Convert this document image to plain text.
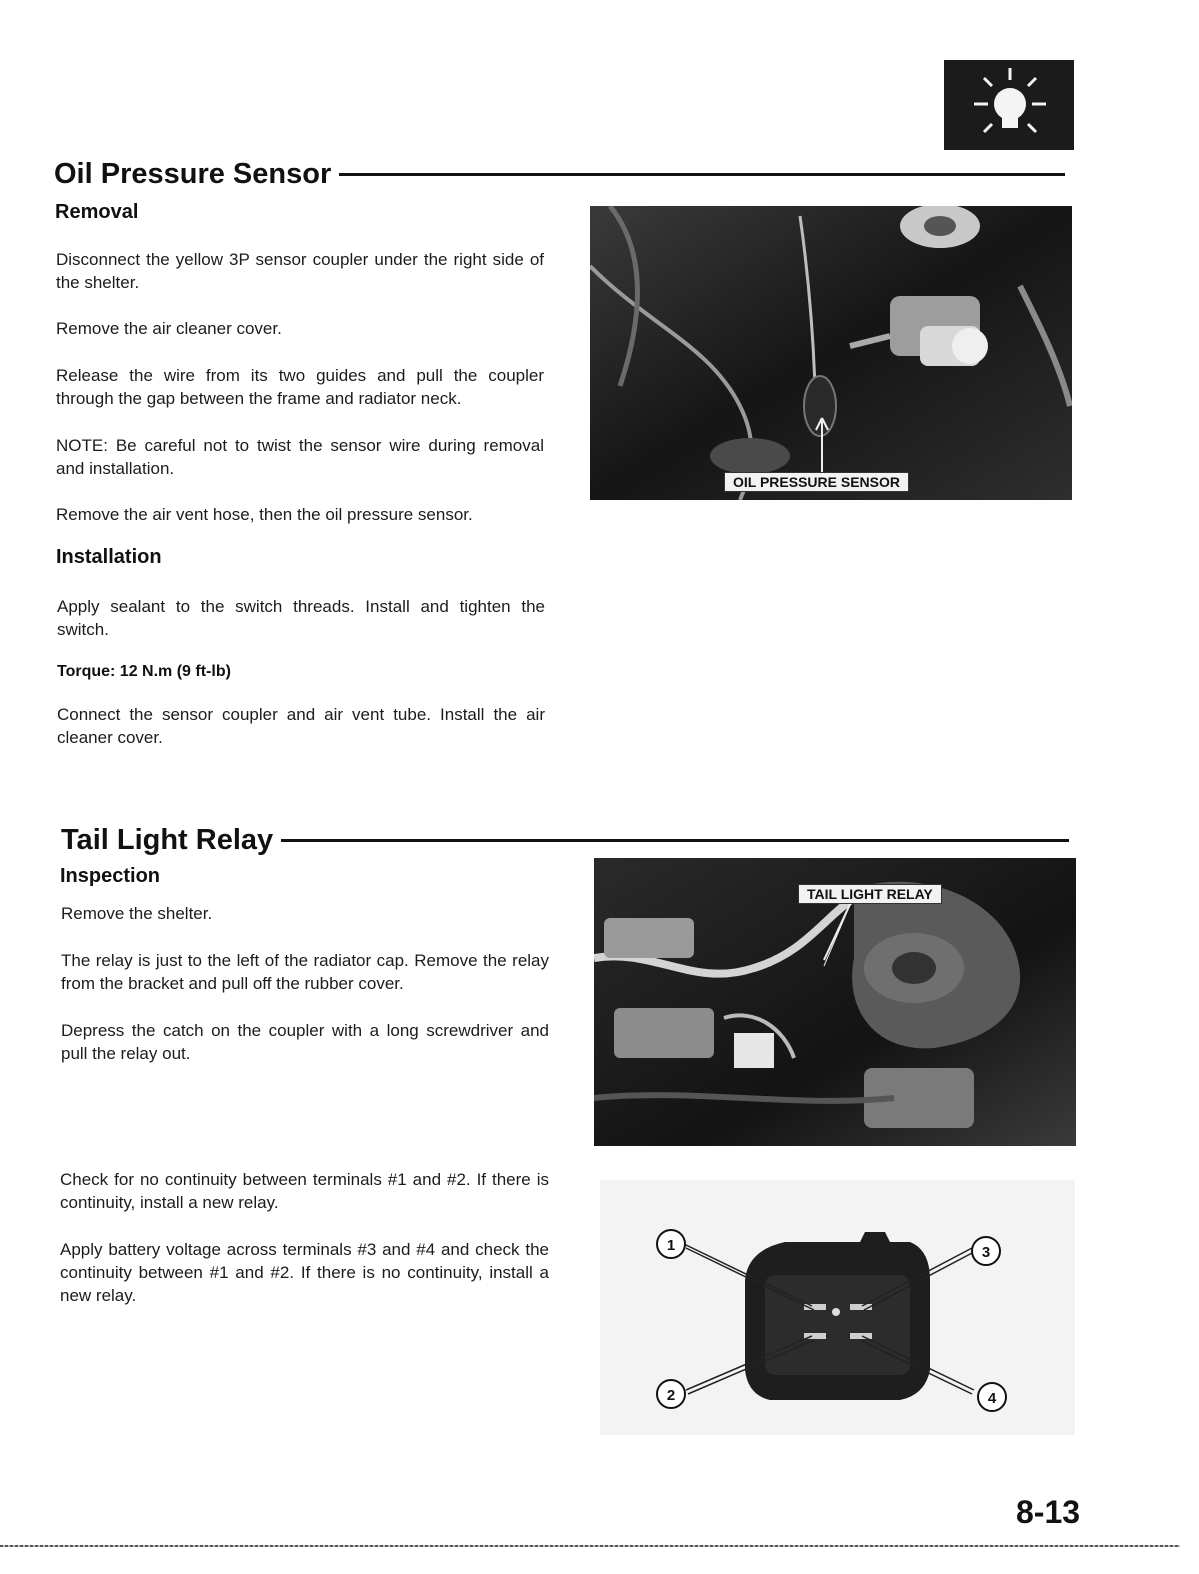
Oil Pressure Sensor
Removal

Disconnect the yellow 3P sensor coupler under the right side of the shelter.

Remove the air cleaner cover.

Release the wire from its two guides and pull the coupler through the gap between the frame and radiator neck.

NOTE: Be careful not to twist the sensor wire during removal and installation.

Remove the air vent hose, then the oil pressure sensor.

Installation

Apply sealant to the switch threads. Install and tighten the switch.

Torque: 12 N.m (9 ft-lb)

Connect the sensor coupler and air vent tube. Install the air cleaner cover.

OIL PRESSURE SENSOR
Tail Light Relay
Inspection

Remove the shelter.

The relay is just to the left of the radiator cap. Remove the relay from the bracket and pull off the rubber cover.

Depress the catch on the coupler with a long screwdriver and pull the relay out.

Check for no continuity between terminals #1 and #2. If there is continuity, install a new relay.

Apply battery voltage across terminals #3 and #4 and check the continuity between #1 and #2. If there is no continuity, install a new relay.

TAIL LIGHT RELAY
1	3
2	4
8-13
